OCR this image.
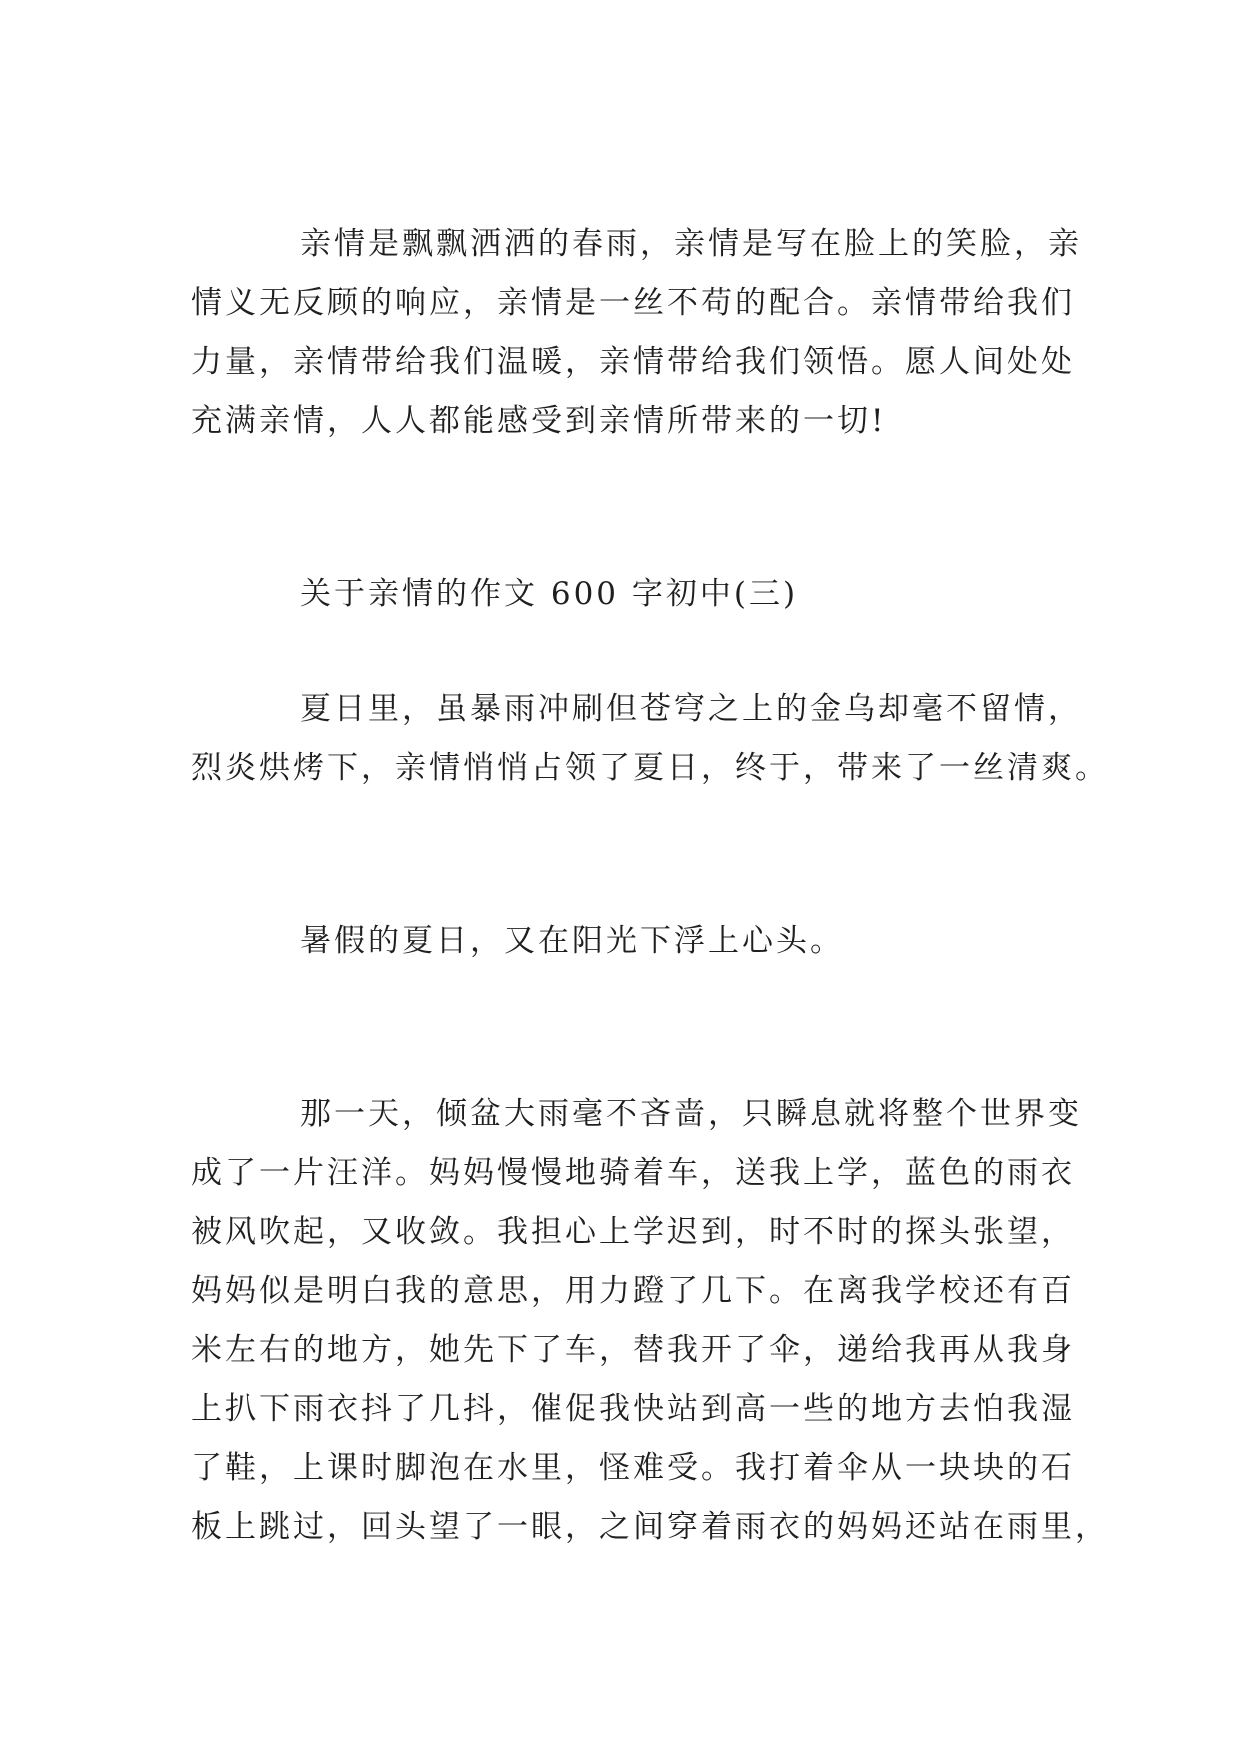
亲情是飘飘洒洒的春雨，亲情是写在脸上的笑脸，亲
情义无反顾的响应，亲情是一丝不苟的配合。亲情带给我们
力量，亲情带给我们温暖，亲情带给我们领悟。愿人间处处
充满亲情，人人都能感受到亲情所带来的一切!
关于亲情的作文 600 字初中(三)
夏日里，虽暴雨冲刷但苍穹之上的金乌却毫不留情，
烈炎烘烤下，亲情悄悄占领了夏日，终于，带来了一丝清爽。
暑假的夏日，又在阳光下浮上心头。
那一天，倾盆大雨毫不吝啬，只瞬息就将整个世界变
成了一片汪洋。妈妈慢慢地骑着车，送我上学，蓝色的雨衣
被风吹起，又收敛。我担心上学迟到，时不时的探头张望，
妈妈似是明白我的意思，用力蹬了几下。在离我学校还有百
米左右的地方，她先下了车，替我开了伞，递给我再从我身
上扒下雨衣抖了几抖，催促我快站到高一些的地方去怕我湿
了鞋，上课时脚泡在水里，怪难受。我打着伞从一块块的石
板上跳过，回头望了一眼，之间穿着雨衣的妈妈还站在雨里，
